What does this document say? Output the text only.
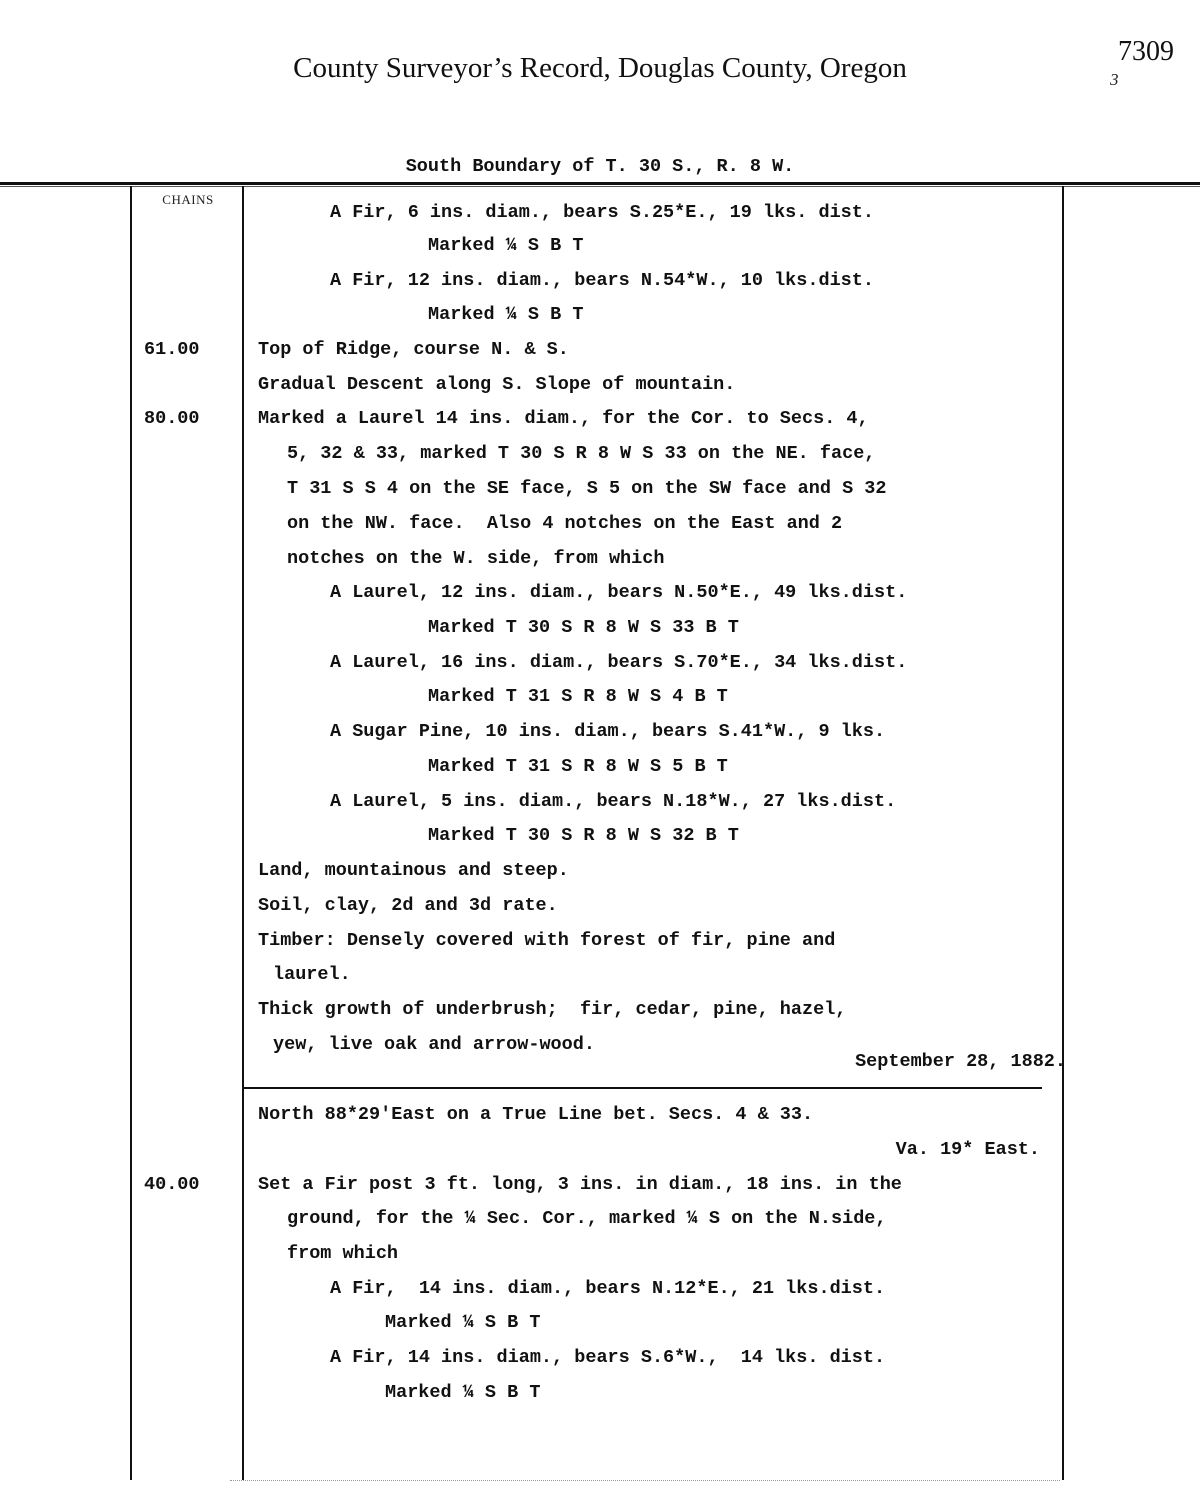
County Surveyor’s Record, Douglas County, Oregon
7309
3
South Boundary of T. 30 S., R. 8 W.
CHAINS
61.00
80.00
40.00
A Fir, 6 ins. diam., bears S.25*E., 19 lks. dist.
Marked ¼ S B T
A Fir, 12 ins. diam., bears N.54*W., 10 lks.dist.
Marked ¼ S B T
Top of Ridge, course N. & S.
Gradual Descent along S. Slope of mountain.
Marked a Laurel 14 ins. diam., for the Cor. to Secs. 4,
5, 32 & 33, marked T 30 S R 8 W S 33 on the NE. face,
T 31 S S 4 on the SE face, S 5 on the SW face and S 32
on the NW. face.  Also 4 notches on the East and 2
notches on the W. side, from which
A Laurel, 12 ins. diam., bears N.50*E., 49 lks.dist.
Marked T 30 S R 8 W S 33 B T
A Laurel, 16 ins. diam., bears S.70*E., 34 lks.dist.
Marked T 31 S R 8 W S 4 B T
A Sugar Pine, 10 ins. diam., bears S.41*W., 9 lks.
Marked T 31 S R 8 W S 5 B T
A Laurel, 5 ins. diam., bears N.18*W., 27 lks.dist.
Marked T 30 S R 8 W S 32 B T
Land, mountainous and steep.
Soil, clay, 2d and 3d rate.
Timber: Densely covered with forest of fir, pine and
laurel.
Thick growth of underbrush;  fir, cedar, pine, hazel,
yew, live oak and arrow-wood.
September 28, 1882.
North 88*29'East on a True Line bet. Secs. 4 & 33.
Va. 19* East.
Set a Fir post 3 ft. long, 3 ins. in diam., 18 ins. in the
ground, for the ¼ Sec. Cor., marked ¼ S on the N.side,
from which
A Fir,  14 ins. diam., bears N.12*E., 21 lks.dist.
Marked ¼ S B T
A Fir, 14 ins. diam., bears S.6*W.,  14 lks. dist.
Marked ¼ S B T
